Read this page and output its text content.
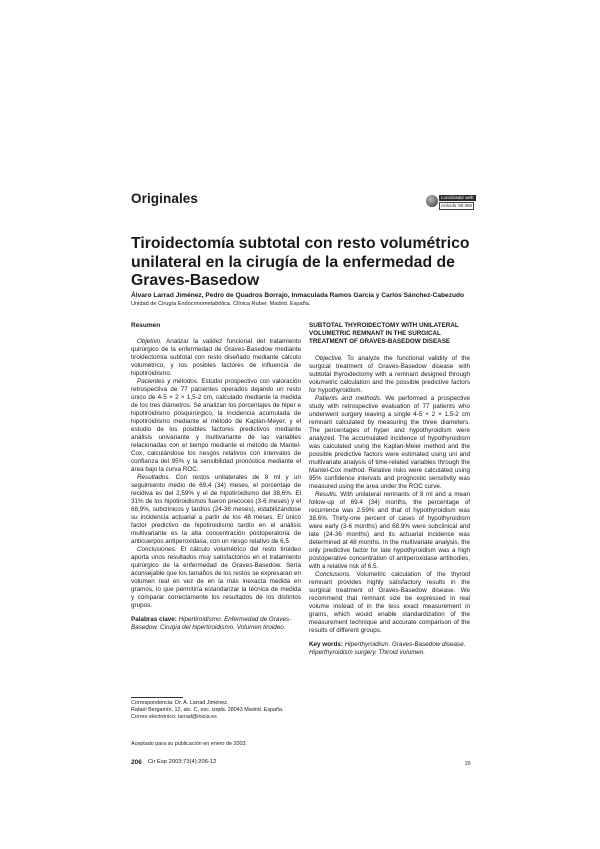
Originales	Localizador web
Artículo 50.300
Tiroidectomía subtotal con resto volumétrico unilateral en la cirugía de la enfermedad de Graves-Basedow
Álvaro Larrad Jiménez, Pedro de Quadros Borrajo, Inmaculada Ramos García y Carlos Sánchez-Cabezudo
Unidad de Cirugía Endocrinometabólica. Clínica Ruber. Madrid. España.

Resumen

Objetivo. Analizar la validez funcional del tratamiento quirúrgico de la enfermedad de Graves-Basedow mediante tiroidectomía subtotal con resto diseñado mediante cálculo volumétrico, y los posibles factores de influencia de hipotiroidismo.

Pacientes y métodos. Estudio prospectivo con valoración retrospectiva de 77 pacientes operados dejando un resto único de 4-5 × 2 × 1,5-2 cm, calculado mediante la medida de los tres diámetros. Se analizan los porcentajes de hiper e hipotiroidismo posquirúrgico, la incidencia acumulada de hipotiroidismo mediante el método de Kaplan-Meyer, y el estudio de los posibles factores predictivos mediante análisis univariante y multivariante de las variables relacionadas con el tiempo mediante el método de Mantel-Cox, calculándose los riesgos relativos con intervalos de confianza del 95% y la sensibilidad pronóstica mediante el área bajo la curva ROC.

Resultados. Con restos unilaterales de 8 ml y un seguimiento medio de 69,4 (34) meses, el porcentaje de recidiva es del 2,59% y el de hipotiroidismo del 38,6%. El 31% de los hipotiroidismos fueron precoces (3-6 meses) y el 68,9%, subclínicos y tardíos (24-36 meses), estabilizándose su incidencia actuarial a partir de los 48 meses. El único factor predictivo de hipotiroidismo tardío en el análisis multivariante es la alta concentración postoperatoria de anticuerpos antiperoxidasa, con un riesgo relativo de 6,5.

Conclusiones. El cálculo volumétrico del resto tiroideo aporta unos resultados muy satisfactorios en el tratamiento quirúrgico de la enfermedad de Graves-Basedow. Sería aconsejable que los tamaños de los restos se expresaran en volumen real en vez de en la más inexacta medida en gramos, lo que permitiría estandarizar la técnica de medida y comparar correctamente los resultados de los distintos grupos.

Palabras clave: Hipertiroidismo. Enfermedad de Graves-Basedow. Cirugía del hipertiroidismo. Volumen tiroideo.

SUBTOTAL THYROIDECTOMY WITH UNILATERAL VOLUMETRIC REMNANT IN THE SURGICAL TREATMENT OF GRAVES-BASEDOW DISEASE

Objective. To analyze the functional validity of the surgical treatment of Graves-Basedow disease with subtotal thyroidectomy with a remnant designed through volumetric calculation and the possible predictive factors for hypothyroidism.

Patients and methods. We performed a prospective study with retrospective evaluation of 77 patients who underwent surgery leaving a single 4-5 × 2 × 1.5-2 cm remnant calculated by measuring the three diameters. The percentages of hyper and hypothyroidism were analyzed. The accumulated incidence of hypothyroidism was calculated using the Kaplan-Meier method and the possible predictive factors were estimated using uni and multivariate analysis of time-related variables through the Mantel-Cox method. Relative risks were calculated using 95% confidence intervals and prognostic sensitivity was measured using the area under the ROC curve.

Results. With unilateral remnants of 8 ml and a mean follow-up of 69.4 (34) months, the percentage of recurrence was 2.59% and that of hypothyroidism was 38.6%. Thirty-one percent of cases of hypothyroidism were early (3-6 months) and 68.9% were subclinical and late (24-36 months) and its actuarial incidence was determined at 48 months. In the multivariate analysis, the only predictive factor for late hypothyroidism was a high postoperative concentration of antiperoxidase antibodies, with a relative risk of 6.5.

Conclusions. Volumetric calculation of the thyroid remnant provides highly satisfactory results in the surgical treatment of Graves-Basedow disease. We recommend that remnant size be expressed in real volume instead of in the less exact measurement in grams, which would enable standardization of the measurement technique and accurate comparison of the results of different groups.

Key words: Hiperthyroidism. Graves-Basedow disease. Hiperthyroidism surgery. Thiroid volumen.

Correspondencia: Dr. A. Larrad Jiménez.
Rafael Bergamín, 12, atc. C, esc. izqda. 28043 Madrid. España.
Correo electrónico: larrad@inicia.es
Aceptado para su publicación en enero de 2003.
206 Cir Esp 2003;73(4):206-12	20
